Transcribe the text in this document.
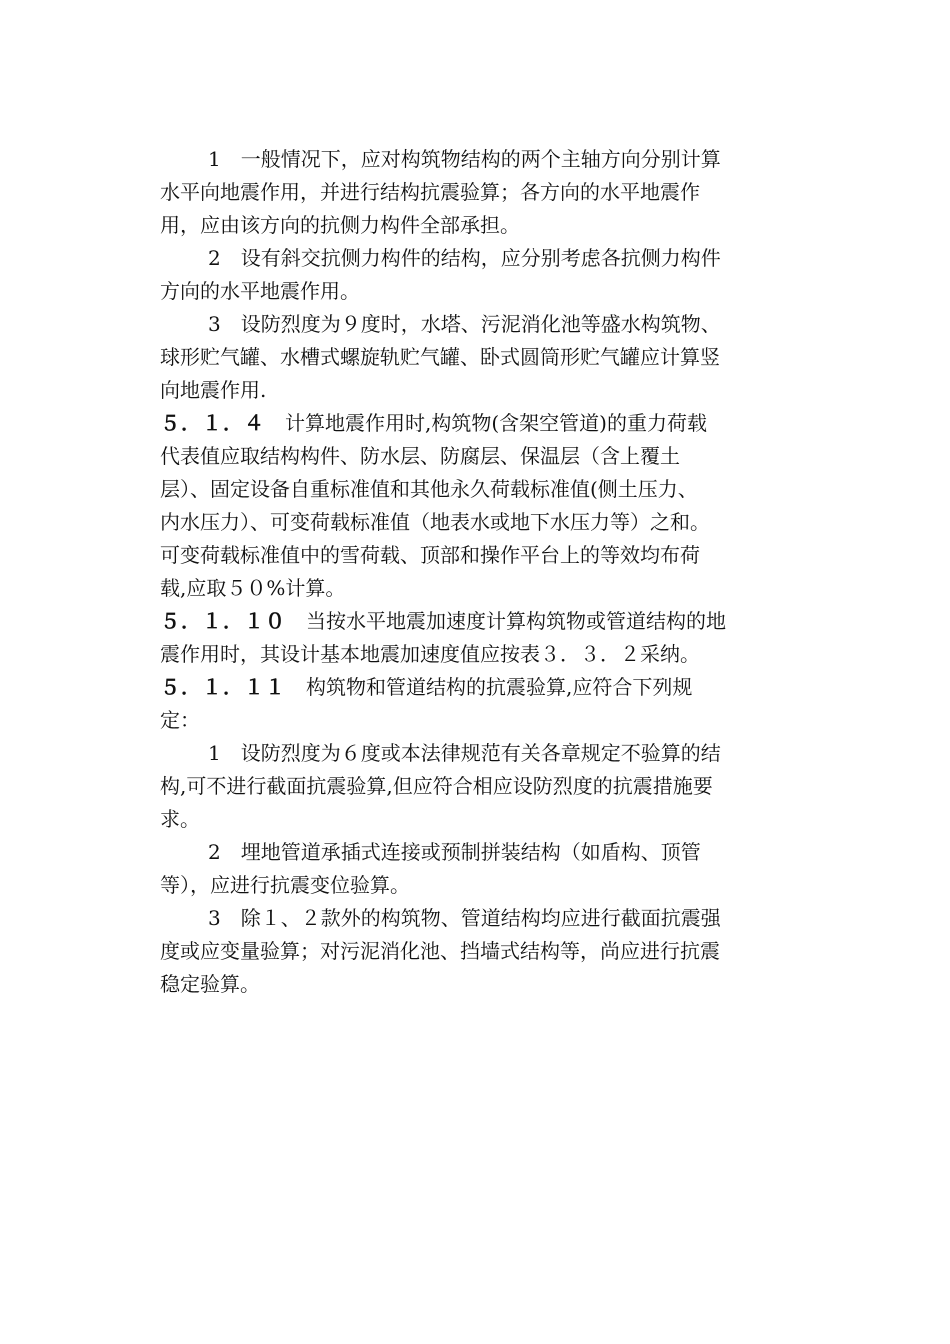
1　一般情况下，应对构筑物结构的两个主轴方向分别计算
水平向地震作用，并进行结构抗震验算；各方向的水平地震作
用，应由该方向的抗侧力构件全部承担。
2　设有斜交抗侧力构件的结构，应分别考虑各抗侧力构件
方向的水平地震作用。
3　设防烈度为９度时，水塔、污泥消化池等盛水构筑物、
球形贮气罐、水槽式螺旋轨贮气罐、卧式圆筒形贮气罐应计算竖
向地震作用.
５．１．４　计算地震作用时,构筑物(含架空管道)的重力荷载
代表值应取结构构件、防水层、防腐层、保温层（含上覆土
层）、固定设备自重标准值和其他永久荷载标准值(侧土压力、
内水压力）、可变荷载标准值（地表水或地下水压力等）之和。
可变荷载标准值中的雪荷载、顶部和操作平台上的等效均布荷
载,应取５０%计算。
５．１．１０　当按水平地震加速度计算构筑物或管道结构的地
震作用时，其设计基本地震加速度值应按表３．３．２采纳。
５．１．１１　构筑物和管道结构的抗震验算,应符合下列规
定：
1　设防烈度为６度或本法律规范有关各章规定不验算的结
构,可不进行截面抗震验算,但应符合相应设防烈度的抗震措施要
求。
2　埋地管道承插式连接或预制拼装结构（如盾构、顶管
等），应进行抗震变位验算。
3　除１、２款外的构筑物、管道结构均应进行截面抗震强
度或应变量验算；对污泥消化池、挡墙式结构等，尚应进行抗震
稳定验算。
